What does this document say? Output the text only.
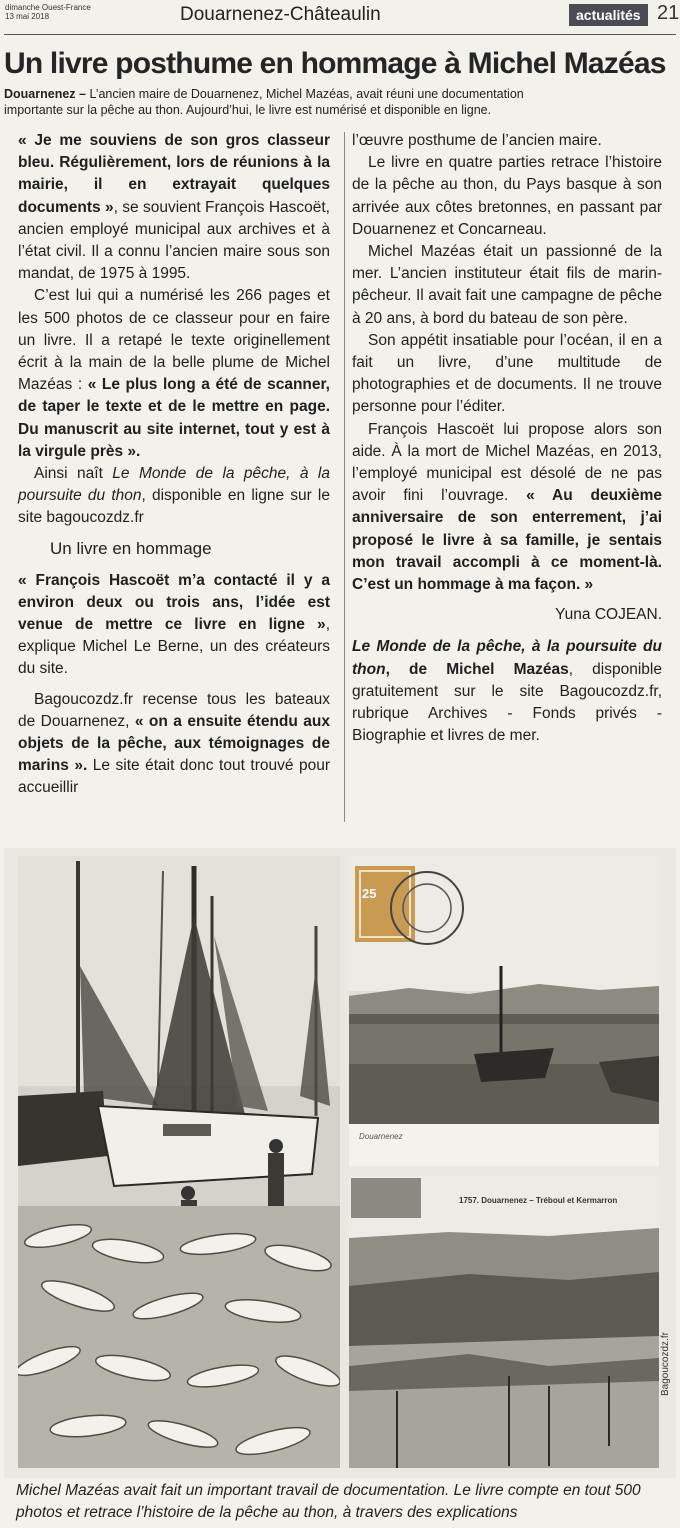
dimanche Ouest-France
13 mai 2018	Douarnenez-Châteaulin	actualités 21
Un livre posthume en hommage à Michel Mazéas

Douarnenez – L’ancien maire de Douarnenez, Michel Mazéas, avait réuni une documentation importante sur la pêche au thon. Aujourd’hui, le livre est numérisé et disponible en ligne.

« Je me souviens de son gros classeur bleu. Régulièrement, lors de réunions à la mairie, il en extrayait quelques documents », se souvient François Hascoët, ancien employé municipal aux archives et à l’état civil. Il a connu l’ancien maire sous son mandat, de 1975 à 1995.

C’est lui qui a numérisé les 266 pages et les 500 photos de ce classeur pour en faire un livre. Il a retapé le texte originellement écrit à la main de la belle plume de Michel Mazéas : « Le plus long a été de scanner, de taper le texte et de le mettre en page. Du manuscrit au site internet, tout y est à la virgule près ».

Ainsi naît Le Monde de la pêche, à la poursuite du thon, disponible en ligne sur le site bagoucozdz.fr

Un livre en hommage

« François Hascoët m’a contacté il y a environ deux ou trois ans, l’idée est venue de mettre ce livre en ligne », explique Michel Le Berne, un des créateurs du site.

Bagoucozdz.fr recense tous les bateaux de Douarnenez, « on a ensuite étendu aux objets de la pêche, aux témoignages de marins ». Le site était donc tout trouvé pour accueillir

l’œuvre posthume de l’ancien maire.

Le livre en quatre parties retrace l’histoire de la pêche au thon, du Pays basque à son arrivée aux côtes bretonnes, en passant par Douarnenez et Concarneau.

Michel Mazéas était un passionné de la mer. L’ancien instituteur était fils de marin-pêcheur. Il avait fait une campagne de pêche à 20 ans, à bord du bateau de son père.

Son appétit insatiable pour l’océan, il en a fait un livre, d’une multitude de photographies et de documents. Il ne trouve personne pour l’éditer.

François Hascoët lui propose alors son aide. À la mort de Michel Mazéas, en 2013, l’employé municipal est désolé de ne pas avoir fini l’ouvrage. « Au deuxième anniversaire de son enterrement, j’ai proposé le livre à sa famille, je sentais mon travail accompli à ce moment-là. C’est un hommage à ma façon. »

Yuna COJEAN.

Le Monde de la pêche, à la poursuite du thon, de Michel Mazéas, disponible gratuitement sur le site Bagoucozdz.fr, rubrique Archives - Fonds privés - Biographie et livres de mer.

Douarnenez
25
1757. Douarnenez – Tréboul et Kermarron
Bagoucozdz.fr

Michel Mazéas avait fait un important travail de documentation. Le livre compte en tout 500 photos et retrace l’histoire de la pêche au thon, à travers des explications
